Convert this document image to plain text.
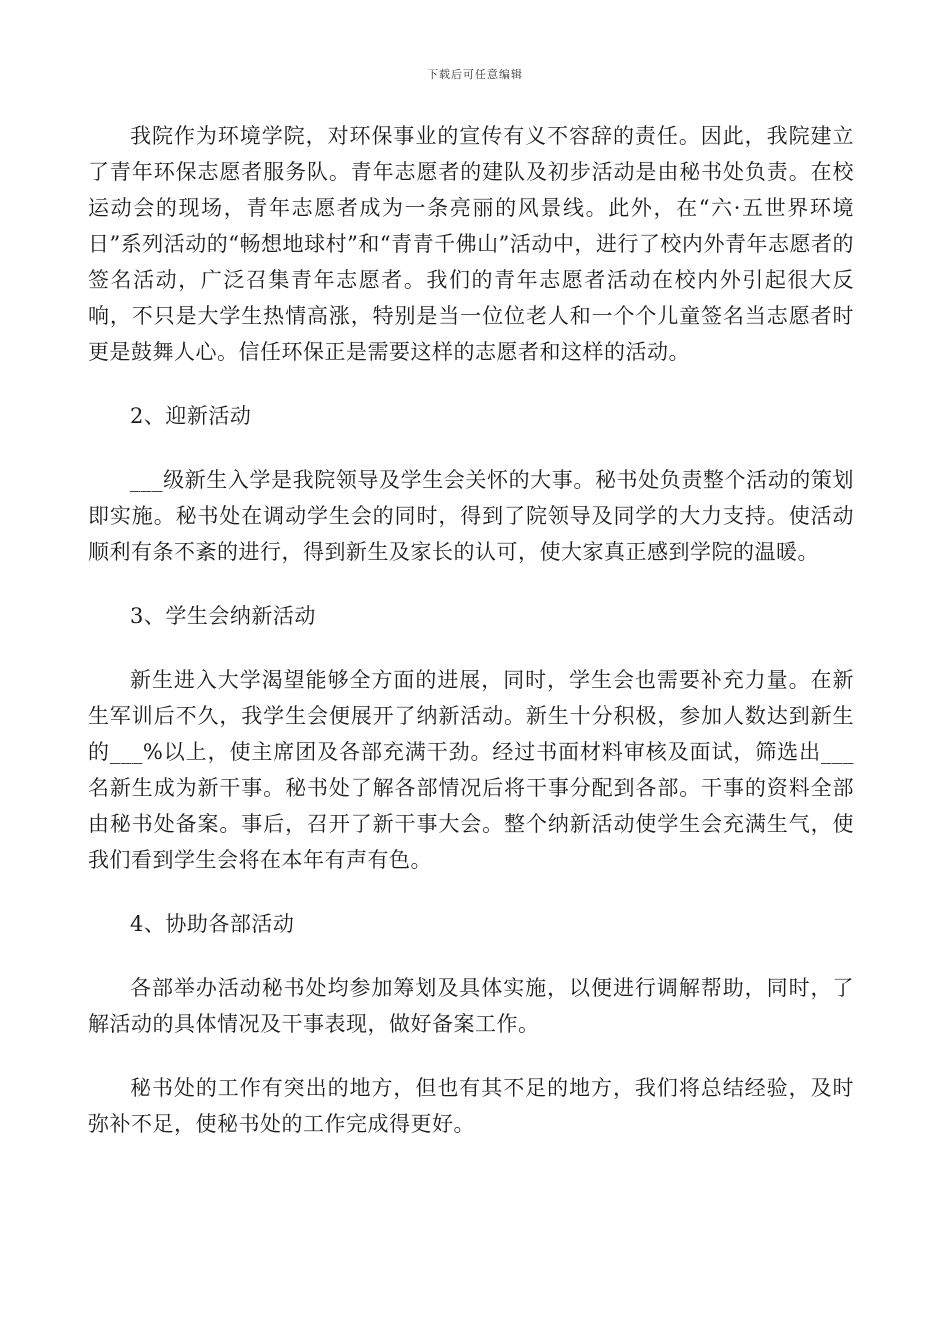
下载后可任意编辑

我院作为环境学院，对环保事业的宣传有义不容辞的责任。因此，我院建立了青年环保志愿者服务队。青年志愿者的建队及初步活动是由秘书处负责。在校运动会的现场，青年志愿者成为一条亮丽的风景线。此外，在“六·五世界环境日”系列活动的“畅想地球村”和“青青千佛山”活动中，进行了校内外青年志愿者的签名活动，广泛召集青年志愿者。我们的青年志愿者活动在校内外引起很大反响，不只是大学生热情高涨，特别是当一位位老人和一个个儿童签名当志愿者时更是鼓舞人心。信任环保正是需要这样的志愿者和这样的活动。

2、迎新活动

___级新生入学是我院领导及学生会关怀的大事。秘书处负责整个活动的策划即实施。秘书处在调动学生会的同时，得到了院领导及同学的大力支持。使活动顺利有条不紊的进行，得到新生及家长的认可，使大家真正感到学院的温暖。

3、学生会纳新活动

新生进入大学渴望能够全方面的进展，同时，学生会也需要补充力量。在新生军训后不久，我学生会便展开了纳新活动。新生十分积极，参加人数达到新生的___%以上，使主席团及各部充满干劲。经过书面材料审核及面试，筛选出___名新生成为新干事。秘书处了解各部情况后将干事分配到各部。干事的资料全部由秘书处备案。事后，召开了新干事大会。整个纳新活动使学生会充满生气，使我们看到学生会将在本年有声有色。

4、协助各部活动

各部举办活动秘书处均参加筹划及具体实施，以便进行调解帮助，同时，了解活动的具体情况及干事表现，做好备案工作。

秘书处的工作有突出的地方，但也有其不足的地方，我们将总结经验，及时弥补不足，使秘书处的工作完成得更好。
